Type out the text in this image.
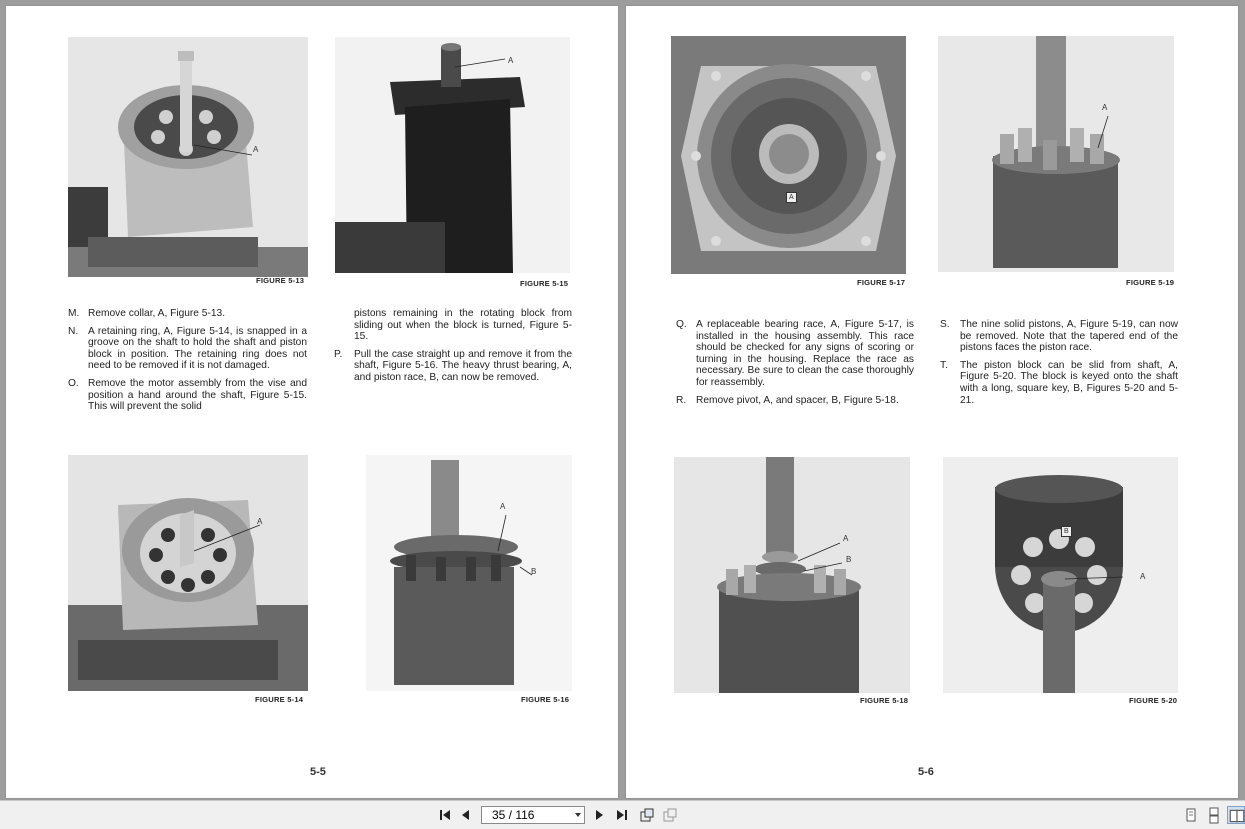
A
FIGURE 5-13
A
FIGURE 5-15
M. Remove collar, A, Figure 5-13.
N. A retaining ring, A, Figure 5-14, is snapped in a groove on the shaft to hold the shaft and piston block in position. The retaining ring does not need to be removed if it is not damaged.
O. Remove the motor assembly from the vise and position a hand around the shaft, Figure 5-15. This will prevent the solid
pistons remaining in the rotating block from sliding out when the block is turned, Figure 5-15.
P. Pull the case straight up and remove it from the shaft, Figure 5-16. The heavy thrust bearing, A, and piston race, B, can now be removed.
A
FIGURE 5-14
A
B
FIGURE 5-16
5-5
A
FIGURE 5-17
A
FIGURE 5-19
Q. A replaceable bearing race, A, Figure 5-17, is installed in the housing assembly. This race should be checked for any signs of scoring or turning in the housing. Replace the race as necessary. Be sure to clean the case thoroughly for reassembly.
R. Remove pivot, A, and spacer, B, Figure 5-18.
S. The nine solid pistons, A, Figure 5-19, can now be removed. Note that the tapered end of the pistons faces the piston race.
T. The piston block can be slid from shaft, A, Figure 5-20. The block is keyed onto the shaft with a long, square key, B, Figures 5-20 and 5-21.
A
B
FIGURE 5-18
B
A
FIGURE 5-20
5-6
35 / 116
